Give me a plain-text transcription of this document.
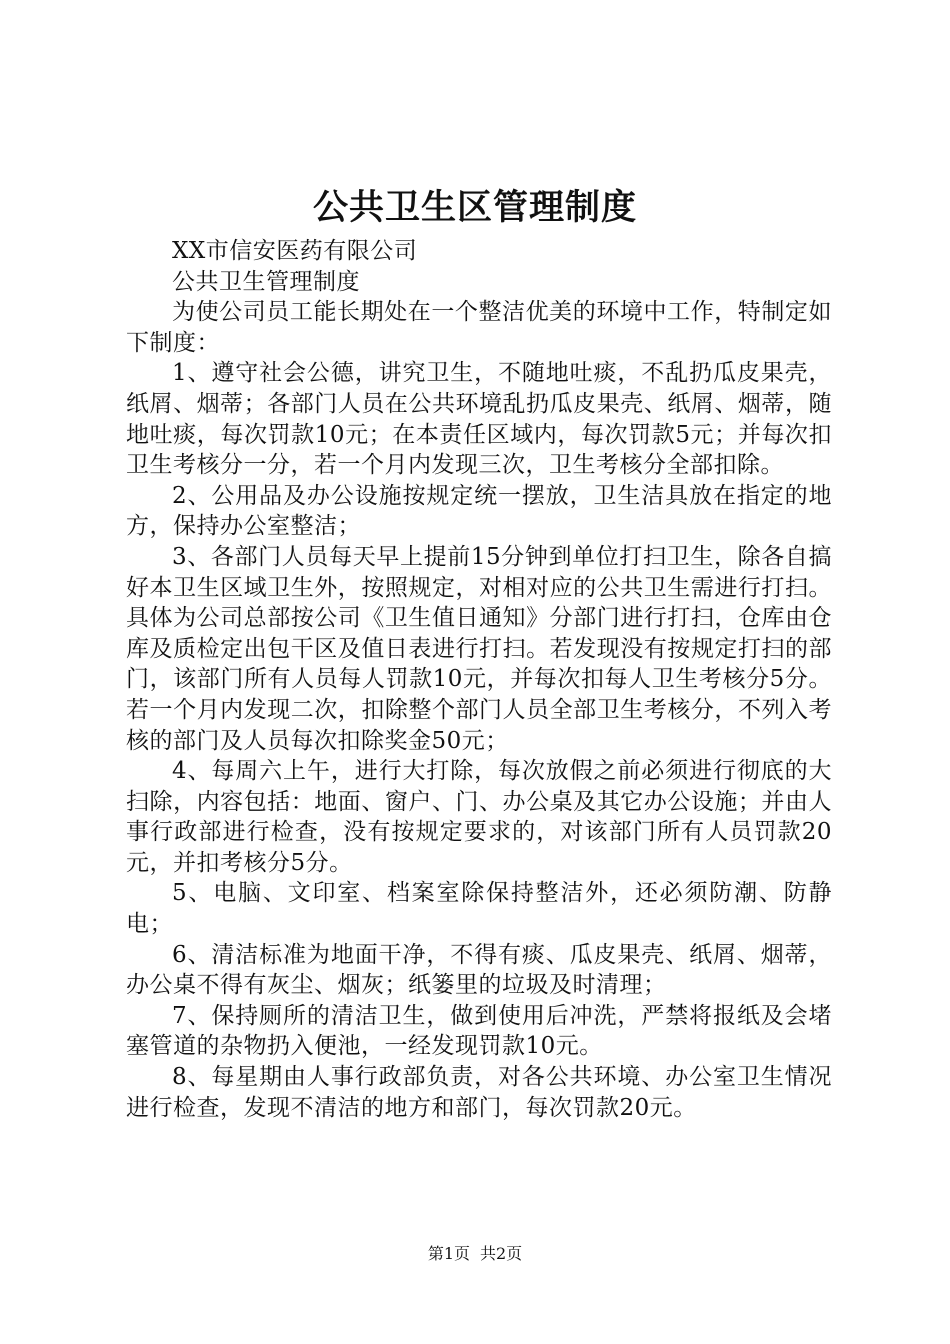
公共卫生区管理制度

XX市信安医药有限公司

公共卫生管理制度

为使公司员工能长期处在一个整洁优美的环境中工作，特制定如下制度：

1、遵守社会公德，讲究卫生，不随地吐痰，不乱扔瓜皮果壳，纸屑、烟蒂；各部门人员在公共环境乱扔瓜皮果壳、纸屑、烟蒂，随地吐痰，每次罚款10元；在本责任区域内，每次罚款5元；并每次扣卫生考核分一分，若一个月内发现三次，卫生考核分全部扣除。

2、公用品及办公设施按规定统一摆放，卫生洁具放在指定的地方，保持办公室整洁；

3、各部门人员每天早上提前15分钟到单位打扫卫生，除各自搞好本卫生区域卫生外，按照规定，对相对应的公共卫生需进行打扫。具体为公司总部按公司《卫生值日通知》分部门进行打扫，仓库由仓库及质检定出包干区及值日表进行打扫。若发现没有按规定打扫的部门，该部门所有人员每人罚款10元，并每次扣每人卫生考核分5分。若一个月内发现二次，扣除整个部门人员全部卫生考核分，不列入考核的部门及人员每次扣除奖金50元；

4、每周六上午，进行大打除，每次放假之前必须进行彻底的大扫除，内容包括：地面、窗户、门、办公桌及其它办公设施；并由人事行政部进行检查，没有按规定要求的，对该部门所有人员罚款20元，并扣考核分5分。

5、电脑、文印室、档案室除保持整洁外，还必须防潮、防静电；

6、清洁标准为地面干净，不得有痰、瓜皮果壳、纸屑、烟蒂，办公桌不得有灰尘、烟灰；纸篓里的垃圾及时清理；

7、保持厕所的清洁卫生，做到使用后冲洗，严禁将报纸及会堵塞管道的杂物扔入便池，一经发现罚款10元。

8、每星期由人事行政部负责，对各公共环境、办公室卫生情况进行检查，发现不清洁的地方和部门，每次罚款20元。

第1页 共2页
